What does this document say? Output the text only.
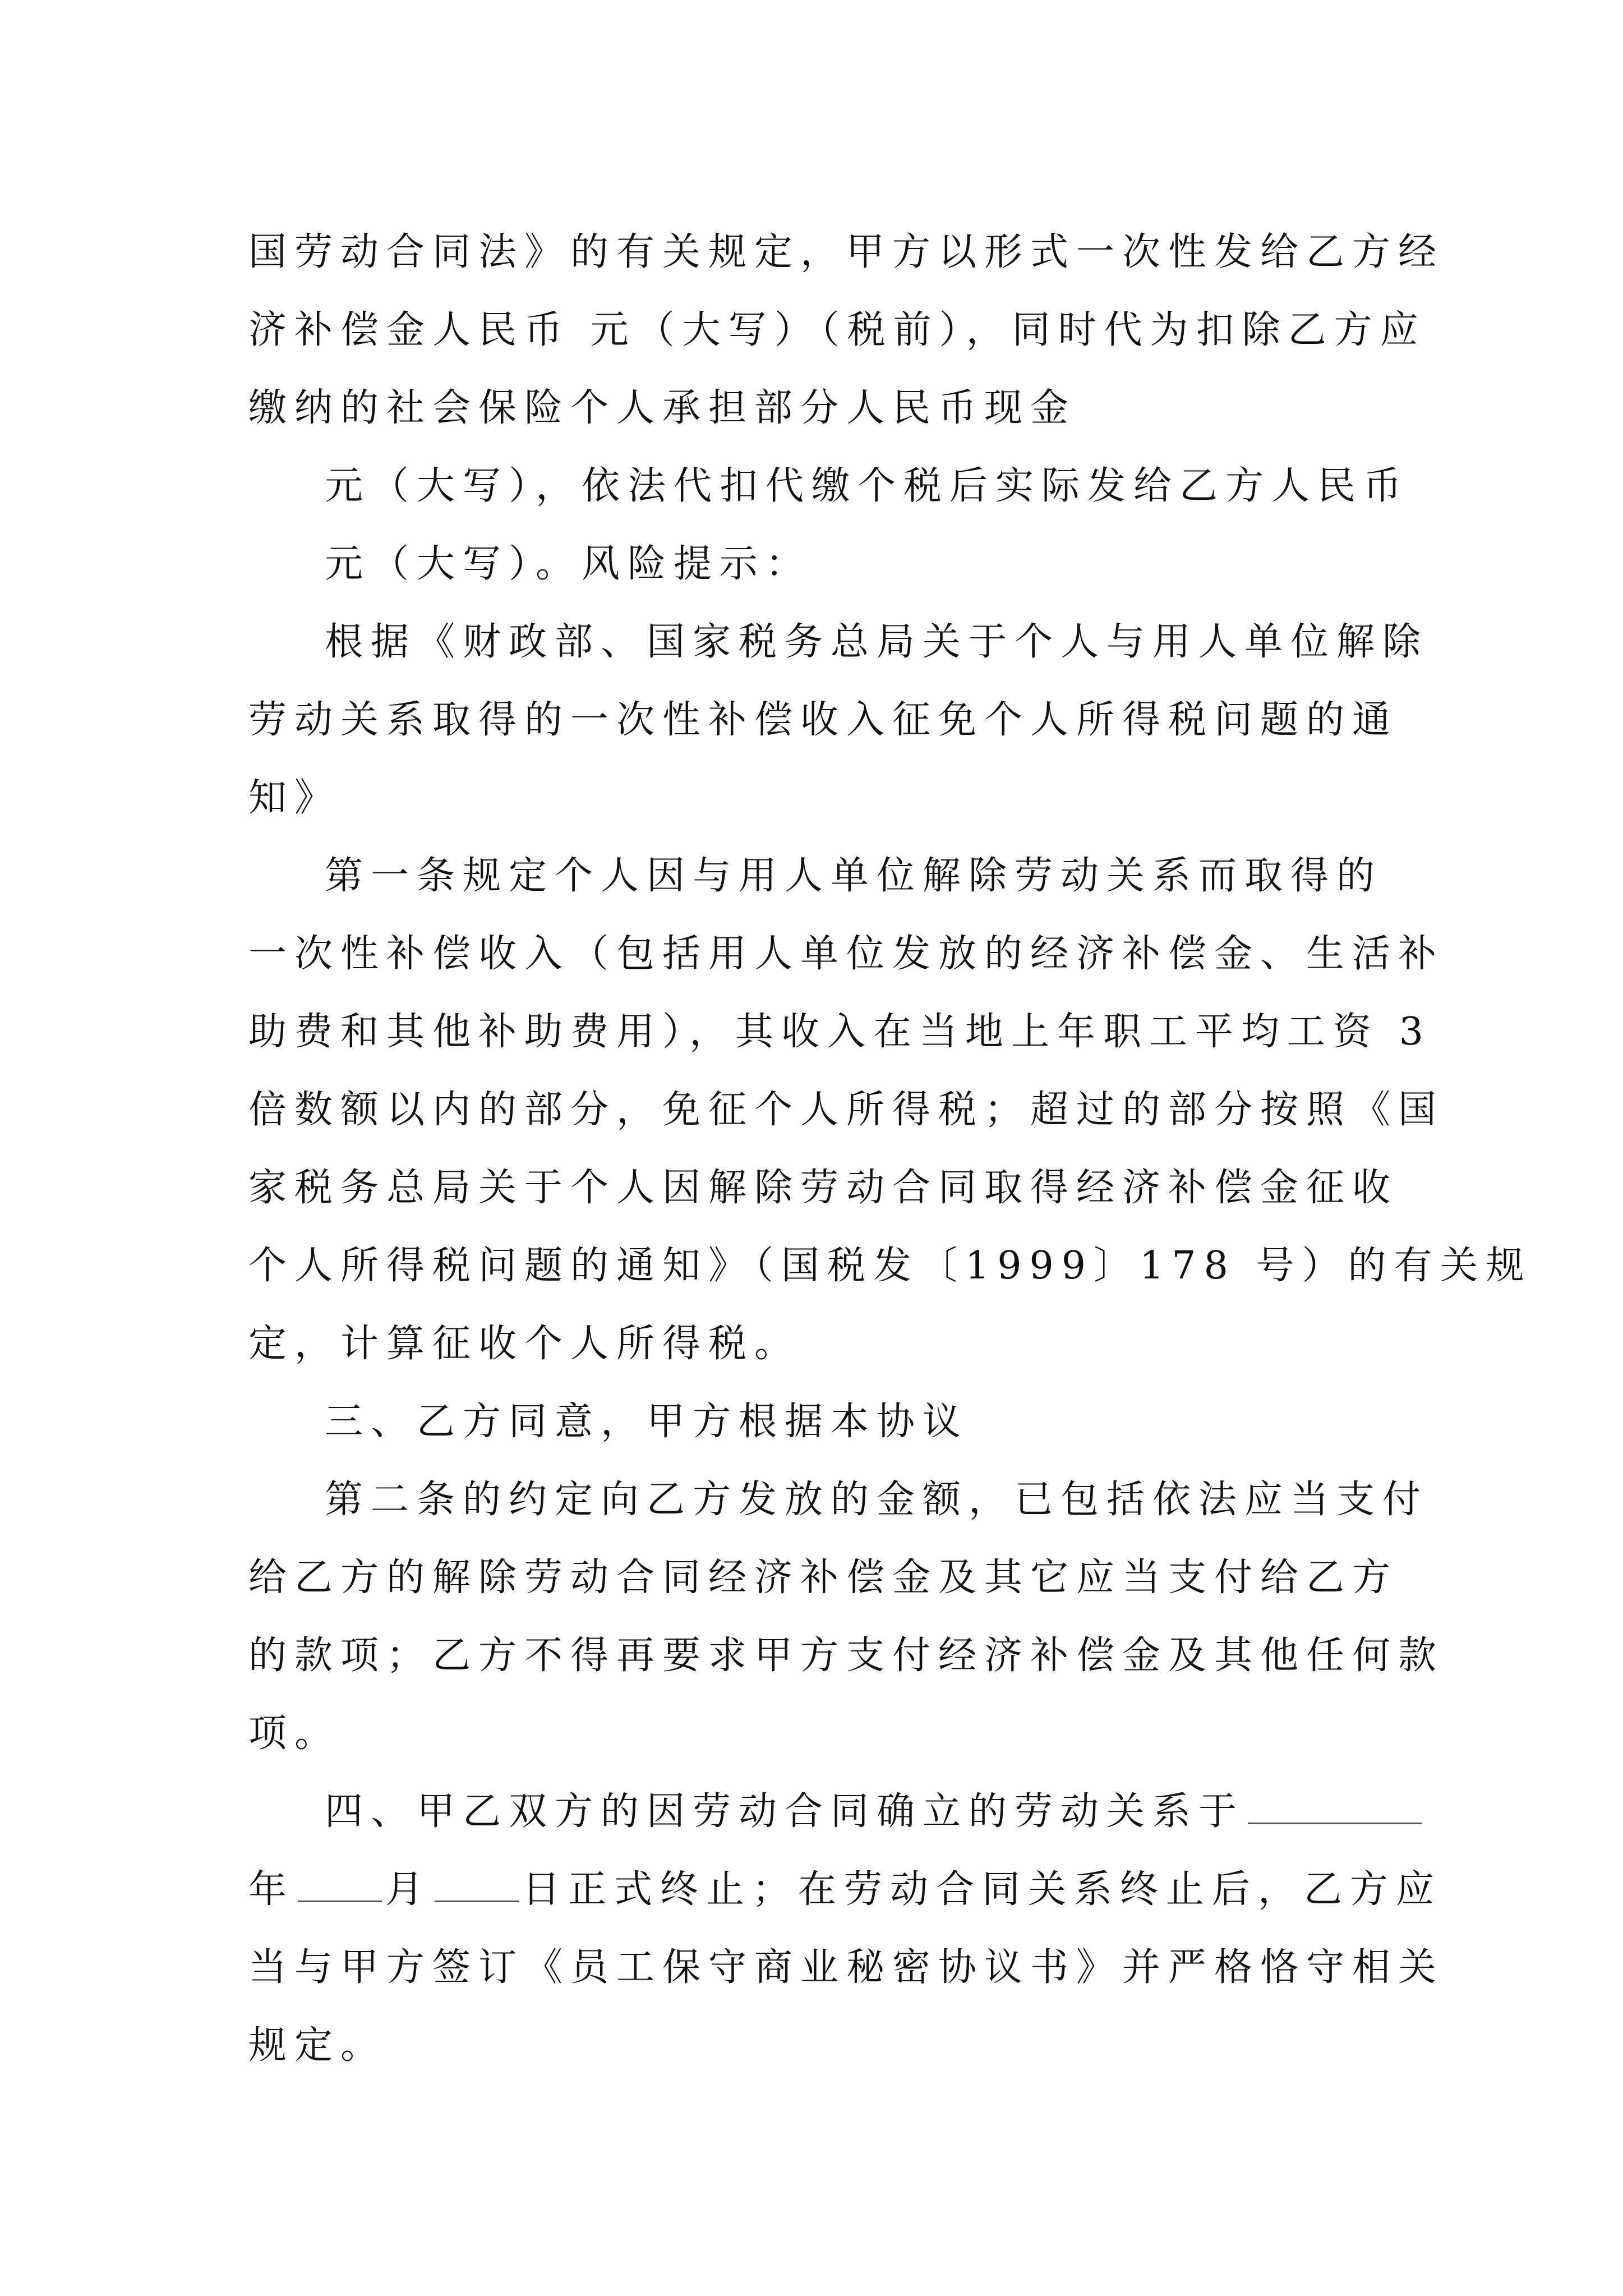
国劳动合同法》的有关规定，甲方以形式一次性发给乙方经

济补偿金人民币 元（大写）（税前），同时代为扣除乙方应

缴纳的社会保险个人承担部分人民币现金

元（大写），依法代扣代缴个税后实际发给乙方人民币

元（大写）。风险提示：

根据《财政部、国家税务总局关于个人与用人单位解除

劳动关系取得的一次性补偿收入征免个人所得税问题的通

知》

第一条规定个人因与用人单位解除劳动关系而取得的

一次性补偿收入（包括用人单位发放的经济补偿金、生活补

助费和其他补助费用），其收入在当地上年职工平均工资 3

倍数额以内的部分，免征个人所得税；超过的部分按照《国

家税务总局关于个人因解除劳动合同取得经济补偿金征收

个人所得税问题的通知》（国税发〔1999〕178 号）的有关规

定，计算征收个人所得税。

三、乙方同意，甲方根据本协议

第二条的约定向乙方发放的金额，已包括依法应当支付

给乙方的解除劳动合同经济补偿金及其它应当支付给乙方

的款项；乙方不得再要求甲方支付经济补偿金及其他任何款

项。

四、甲乙双方的因劳动合同确立的劳动关系于

年 月 日正式终止；在劳动合同关系终止后，乙方应

当与甲方签订《员工保守商业秘密协议书》并严格恪守相关

规定。
